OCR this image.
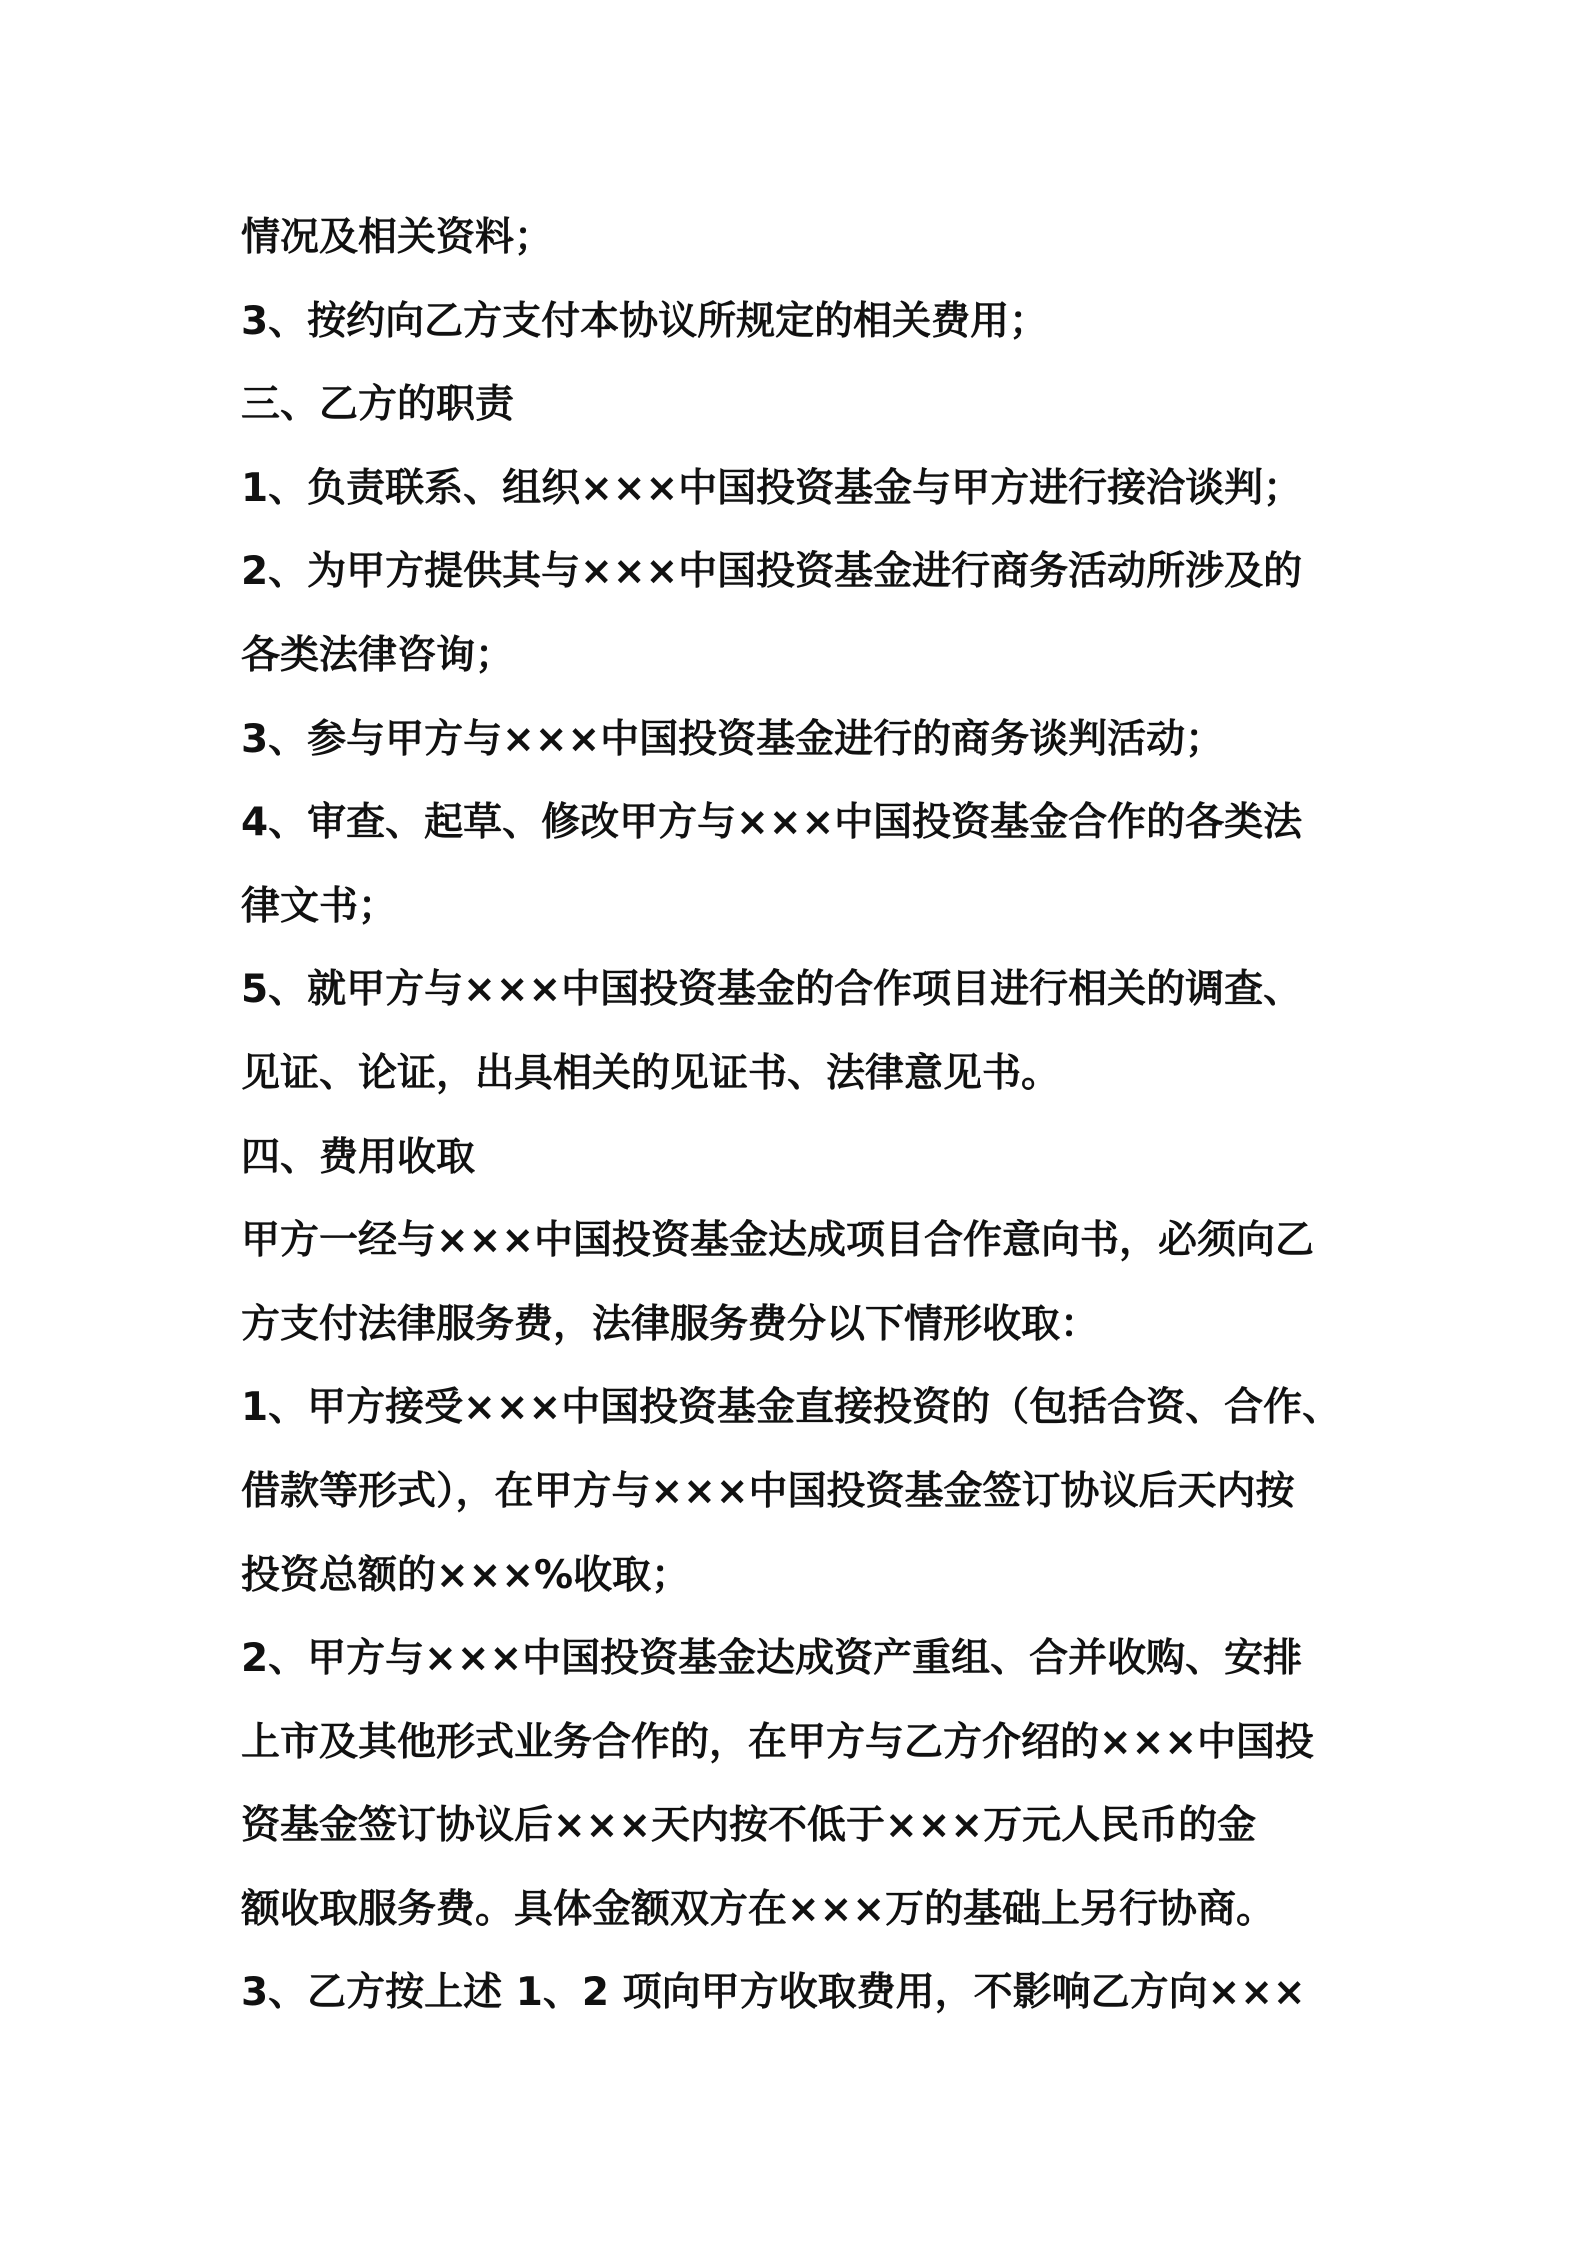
情况及相关资料；

3、按约向乙方支付本协议所规定的相关费用；

三、乙方的职责

1、负责联系、组织×××中国投资基金与甲方进行接洽谈判；

2、为甲方提供其与×××中国投资基金进行商务活动所涉及的

各类法律咨询；

3、参与甲方与×××中国投资基金进行的商务谈判活动；

4、审查、起草、修改甲方与×××中国投资基金合作的各类法

律文书；

5、就甲方与×××中国投资基金的合作项目进行相关的调查、

见证、论证，出具相关的见证书、法律意见书。

四、费用收取

甲方一经与×××中国投资基金达成项目合作意向书，必须向乙

方支付法律服务费，法律服务费分以下情形收取：

1、甲方接受×××中国投资基金直接投资的（包括合资、合作、

借款等形式），在甲方与×××中国投资基金签订协议后天内按

投资总额的×××%收取；

2、甲方与×××中国投资基金达成资产重组、合并收购、安排

上市及其他形式业务合作的，在甲方与乙方介绍的×××中国投

资基金签订协议后×××天内按不低于×××万元人民币的金

额收取服务费。具体金额双方在×××万的基础上另行协商。

3、乙方按上述 1、2 项向甲方收取费用，不影响乙方向×××
